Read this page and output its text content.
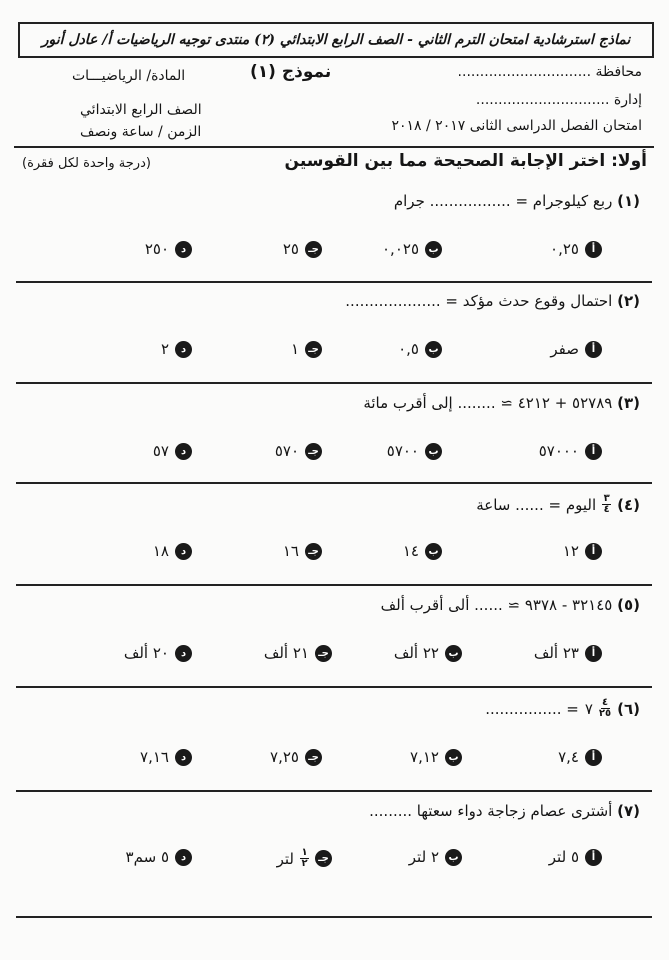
نماذج استرشادية امتحان الترم الثاني - الصف الرابع الابتدائي (٢) منتدى توجيه الرياضيات أ/ عادل أنور
محافظة ..............................
إدارة ..............................
امتحان الفصل الدراسى الثانى ٢٠١٧ / ٢٠١٨
نموذج (١)
المادة/ الرياضيـــات
الصف الرابع الابتدائي
الزمن / ساعة ونصف
أولا: اختر الإجابة الصحيحة مما بين القوسين
(درجة واحدة لكل فقرة)
(١) ربع كيلوجرام = ................. جرام
أ
٠,٢٥
ب
٠,٠٢٥
جـ
٢٥
د
٢٥٠
(٢) احتمال وقوع حدث مؤكد = ....................
أ
صفر
ب
٠,٥
جـ
١
د
٢
(٣) ٥٢٧٨٩ + ٤٢١٢ ≃ ........ إلى أقرب مائة
أ
٥٧٠٠٠
ب
٥٧٠٠
جـ
٥٧٠
د
٥٧
(٤)
$\frac{٣}{٤}$
اليوم = ...... ساعة
أ
١٢
ب
١٤
جـ
١٦
د
١٨
(٥) ٣٢١٤٥ - ٩٣٧٨ ≃ ...... ألى أقرب ألف
أ
٢٣ ألف
ب
٢٢ ألف
جـ
٢١ ألف
د
٢٠ ألف
(٦)
$\frac{٤}{٢٥}$
٧
= ................
أ
٧,٤
ب
٧,١٢
جـ
٧,٢٥
د
٧,١٦
(٧) أشترى عصام زجاجة دواء سعتها .........
أ
٥ لتر
ب
٢ لتر
جـ
$\frac{١}{٢}$
لتر
د
٥ سم٣
